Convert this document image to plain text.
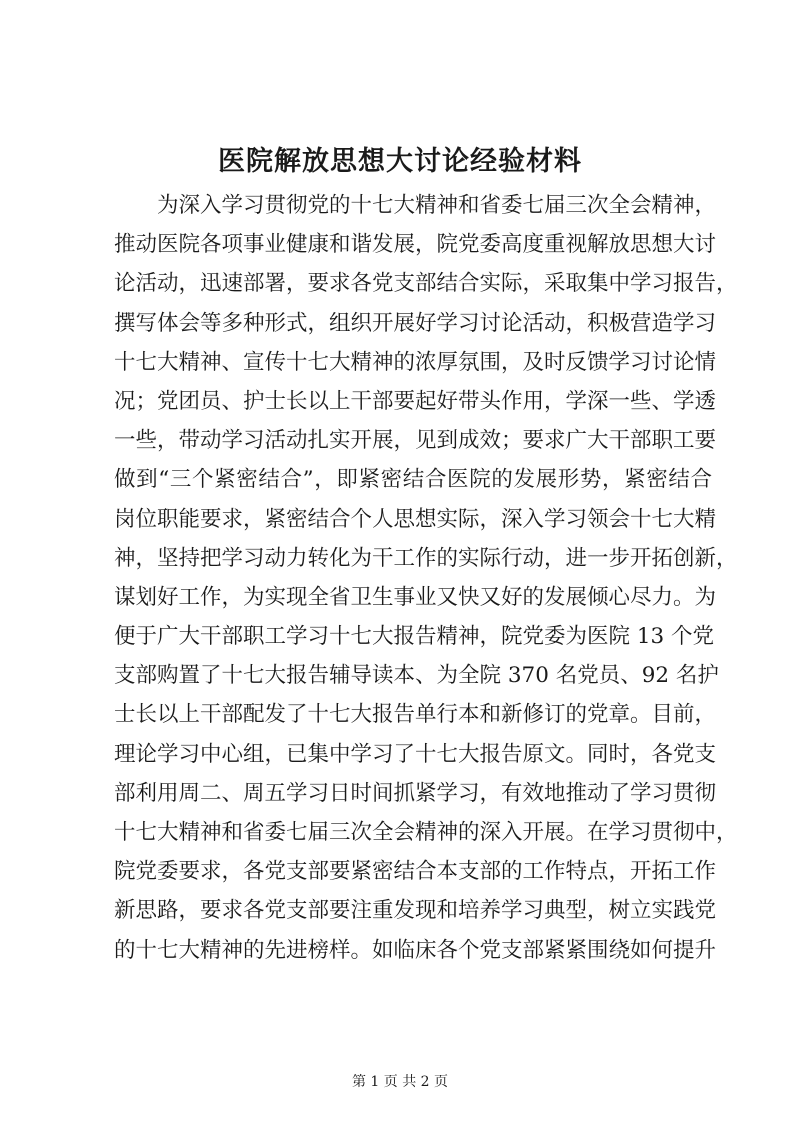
医院解放思想大讨论经验材料
　　为深入学习贯彻党的十七大精神和省委七届三次全会精神，
推动医院各项事业健康和谐发展，院党委高度重视解放思想大讨
论活动，迅速部署，要求各党支部结合实际，采取集中学习报告，
撰写体会等多种形式，组织开展好学习讨论活动，积极营造学习
十七大精神、宣传十七大精神的浓厚氛围，及时反馈学习讨论情
况；党团员、护士长以上干部要起好带头作用，学深一些、学透
一些，带动学习活动扎实开展，见到成效；要求广大干部职工要
做到“三个紧密结合”，即紧密结合医院的发展形势，紧密结合
岗位职能要求，紧密结合个人思想实际，深入学习领会十七大精
神，坚持把学习动力转化为干工作的实际行动，进一步开拓创新，
谋划好工作，为实现全省卫生事业又快又好的发展倾心尽力。为
便于广大干部职工学习十七大报告精神，院党委为医院 13 个党
支部购置了十七大报告辅导读本、为全院 370 名党员、92 名护
士长以上干部配发了十七大报告单行本和新修订的党章。目前，
理论学习中心组，已集中学习了十七大报告原文。同时，各党支
部利用周二、周五学习日时间抓紧学习，有效地推动了学习贯彻
十七大精神和省委七届三次全会精神的深入开展。在学习贯彻中，
院党委要求，各党支部要紧密结合本支部的工作特点，开拓工作
新思路，要求各党支部要注重发现和培养学习典型，树立实践党
的十七大精神的先进榜样。如临床各个党支部紧紧围绕如何提升
第 1 页 共 2 页
